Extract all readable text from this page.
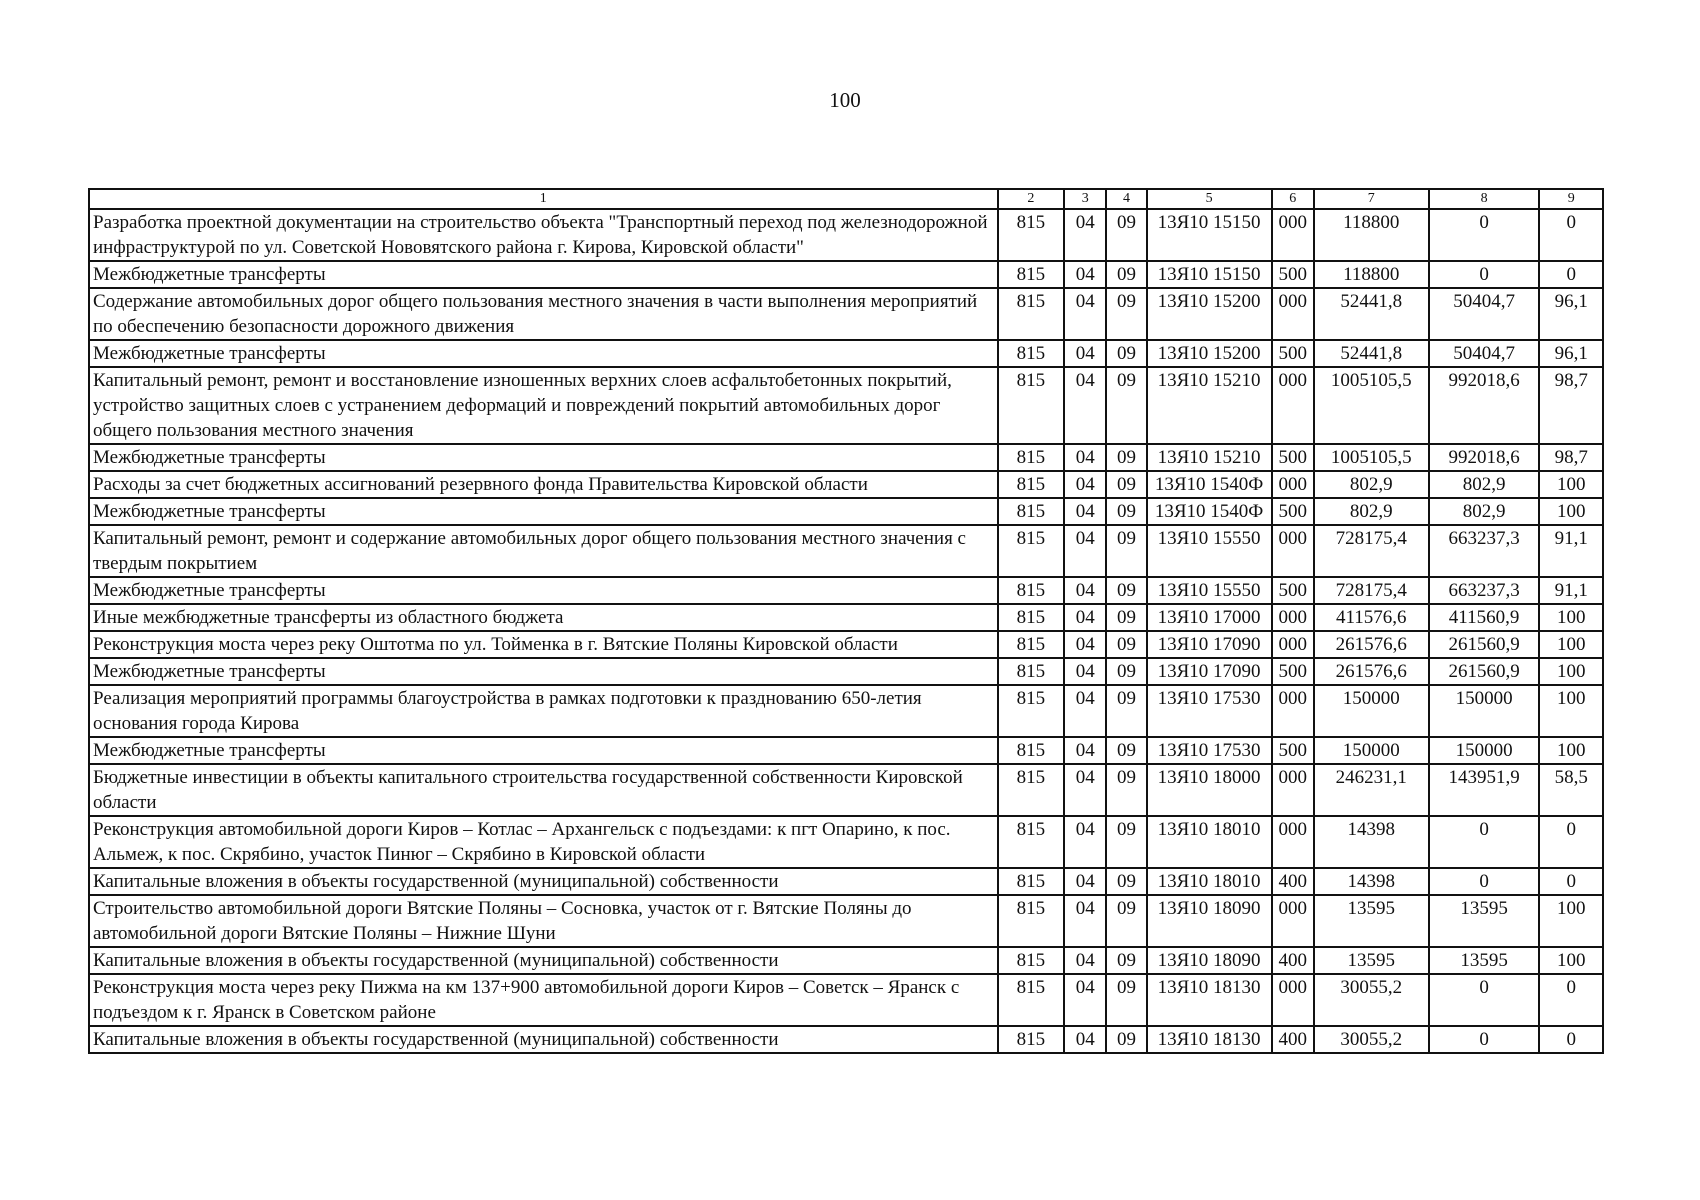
100
1	2	3	4	5	6	7	8	9
Разработка проектной документации на строительство объекта "Транспортный переход под железнодорожной инфраструктурой по ул. Советской Нововятского района г. Кирова, Кировской области"	815	04	09	13Я10 15150	000	118800	0	0
Межбюджетные трансферты	815	04	09	13Я10 15150	500	118800	0	0
Содержание автомобильных дорог общего пользования местного значения в части выполнения мероприятий по обеспечению безопасности дорожного движения	815	04	09	13Я10 15200	000	52441,8	50404,7	96,1
Межбюджетные трансферты	815	04	09	13Я10 15200	500	52441,8	50404,7	96,1
Капитальный ремонт, ремонт и восстановление изношенных верхних слоев асфальтобетонных покрытий, устройство защитных слоев с устранением деформаций и повреждений покрытий автомобильных дорог общего пользования местного значения	815	04	09	13Я10 15210	000	1005105,5	992018,6	98,7
Межбюджетные трансферты	815	04	09	13Я10 15210	500	1005105,5	992018,6	98,7
Расходы за счет бюджетных ассигнований резервного фонда Правительства Кировской области	815	04	09	13Я10 1540Ф	000	802,9	802,9	100
Межбюджетные трансферты	815	04	09	13Я10 1540Ф	500	802,9	802,9	100
Капитальный ремонт, ремонт и содержание автомобильных дорог общего пользования местного значения с твердым покрытием	815	04	09	13Я10 15550	000	728175,4	663237,3	91,1
Межбюджетные трансферты	815	04	09	13Я10 15550	500	728175,4	663237,3	91,1
Иные межбюджетные трансферты из областного бюджета	815	04	09	13Я10 17000	000	411576,6	411560,9	100
Реконструкция моста через реку Оштотма по ул. Тойменка в г. Вятские Поляны Кировской области	815	04	09	13Я10 17090	000	261576,6	261560,9	100
Межбюджетные трансферты	815	04	09	13Я10 17090	500	261576,6	261560,9	100
Реализация мероприятий программы благоустройства в рамках подготовки к празднованию 650-летия основания города Кирова	815	04	09	13Я10 17530	000	150000	150000	100
Межбюджетные трансферты	815	04	09	13Я10 17530	500	150000	150000	100
Бюджетные инвестиции в объекты капитального строительства государственной собственности Кировской области	815	04	09	13Я10 18000	000	246231,1	143951,9	58,5
Реконструкция автомобильной дороги Киров – Котлас – Архангельск с подъездами: к пгт Опарино, к пос. Альмеж, к пос. Скрябино, участок Пинюг – Скрябино в Кировской области	815	04	09	13Я10 18010	000	14398	0	0
Капитальные вложения в объекты государственной (муниципальной) собственности	815	04	09	13Я10 18010	400	14398	0	0
Строительство автомобильной дороги Вятские Поляны – Сосновка, участок от г. Вятские Поляны до автомобильной дороги Вятские Поляны – Нижние Шуни	815	04	09	13Я10 18090	000	13595	13595	100
Капитальные вложения в объекты государственной (муниципальной) собственности	815	04	09	13Я10 18090	400	13595	13595	100
Реконструкция моста через реку Пижма на км 137+900 автомобильной дороги Киров – Советск – Яранск с подъездом к г. Яранск в Советском районе	815	04	09	13Я10 18130	000	30055,2	0	0
Капитальные вложения в объекты государственной (муниципальной) собственности	815	04	09	13Я10 18130	400	30055,2	0	0
